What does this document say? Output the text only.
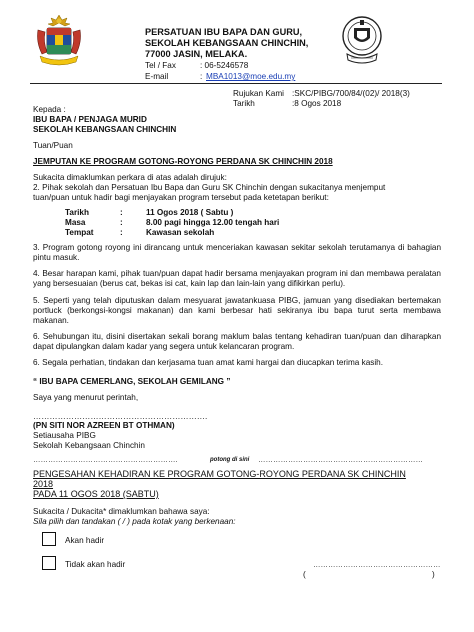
PERSATUAN IBU BAPA DAN GURU,
SEKOLAH KEBANGSAAN CHINCHIN,
77000 JASIN, MELAKA.
Tel / Fax	: 06-5246578
E-mail	: MBA1013@moe.edu.my
Rujukan Kami :SKC/PIBG/700/84/(02)/ 2018(3)
Tarikh	:8 Ogos 2018
Kepada :
IBU BAPA / PENJAGA MURID
SEKOLAH KEBANGSAAN CHINCHIN
Tuan/Puan
JEMPUTAN KE PROGRAM GOTONG-ROYONG PERDANA SK CHINCHIN 2018
Sukacita dimaklumkan perkara di atas adalah dirujuk:
2. Pihak sekolah dan Persatuan Ibu Bapa dan Guru SK Chinchin dengan sukacitanya menjemput
tuan/puan untuk hadir bagi menjayakan program tersebut pada ketetapan berikut:
Tarikh	:	11 Ogos 2018 ( Sabtu )
Masa	:	8.00 pagi hingga 12.00 tengah hari
Tempat	:	Kawasan sekolah
3. Program gotong royong ini dirancang untuk menceriakan kawasan sekitar sekolah terutamanya di bahagian pintu masuk.
4. Besar harapan kami, pihak tuan/puan dapat hadir bersama menjayakan program ini dan membawa peralatan yang bersesuaian (berus cat, bekas isi cat, kain lap dan lain-lain yang difikirkan perlu).
5. Seperti yang telah diputuskan dalam mesyuarat jawatankuasa PIBG, jamuan yang disediakan bertemakan portluck (berkongsi-kongsi makanan) dan kami berbesar hati sekiranya ibu bapa turut serta membawa makanan.
6. Sehubungan itu, disini disertakan sekali borang maklum balas tentang kehadiran tuan/puan dan diharapkan dapat dipulangkan dalam kadar yang segera untuk kelancaran program.
6. Segala perhatian, tindakan dan kerjasama tuan amat kami hargai dan diucapkan terima kasih.
“ IBU BAPA CEMERLANG, SEKOLAH GEMILANG ”
Saya yang menurut perintah,
……………………………………………………….
(PN SITI NOR AZREEN BT OTHMAN)
Setiausaha PIBG
Sekolah Kebangsaan Chinchin
………………………………………………….	potong di sini …………………………………………………………
PENGESAHAN KEHADIRAN KE PROGRAM GOTONG-ROYONG PERDANA SK CHINCHIN
2018
PADA 11 OGOS 2018 (SABTU)
Sukacita / Dukacita* dimaklumkan bahawa saya:
Sila pilih dan tandakan ( / ) pada kotak yang berkenaan:
Akan hadir
Tidak akan hadir	……………………………………………
(	)
